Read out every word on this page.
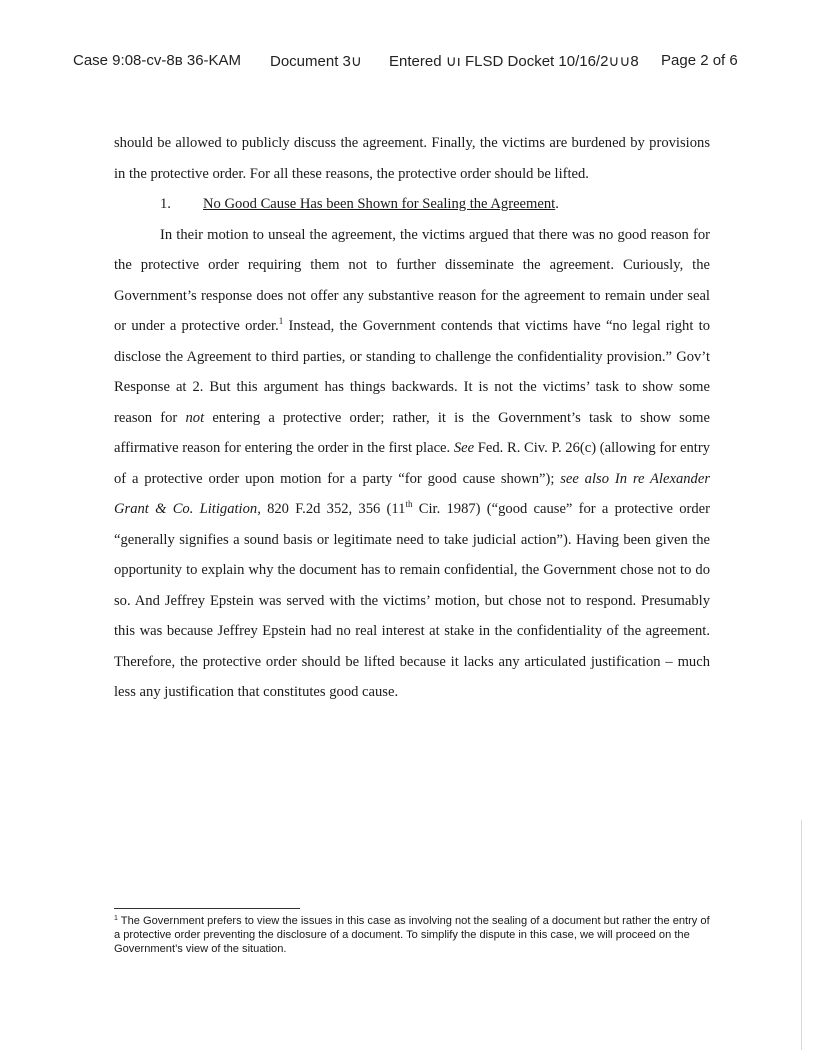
Case 9:08-cv-8ʙ 36-KAM Document 3∪ Entered ∪ı FLSD Docket 10/16/2∪∪8 Page 2 of 6

should be allowed to publicly discuss the agreement. Finally, the victims are burdened by provisions in the protective order. For all these reasons, the protective order should be lifted.

1. No Good Cause Has been Shown for Sealing the Agreement.

In their motion to unseal the agreement, the victims argued that there was no good reason for the protective order requiring them not to further disseminate the agreement. Curiously, the Government’s response does not offer any substantive reason for the agreement to remain under seal or under a protective order.$^1$ Instead, the Government contends that victims have “no legal right to disclose the Agreement to third parties, or standing to challenge the confidentiality provision.” Gov’t Response at 2. But this argument has things backwards. It is not the victims’ task to show some reason for not entering a protective order; rather, it is the Government’s task to show some affirmative reason for entering the order in the first place. See Fed. R. Civ. P. 26(c) (allowing for entry of a protective order upon motion for a party “for good cause shown”); see also In re Alexander Grant & Co. Litigation, 820 F.2d 352, 356 (11th Cir. 1987) (“good cause” for a protective order “generally signifies a sound basis or legitimate need to take judicial action”). Having been given the opportunity to explain why the document has to remain confidential, the Government chose not to do so. And Jeffrey Epstein was served with the victims’ motion, but chose not to respond. Presumably this was because Jeffrey Epstein had no real interest at stake in the confidentiality of the agreement. Therefore, the protective order should be lifted because it lacks any articulated justification – much less any justification that constitutes good cause.

$^1$ The Government prefers to view the issues in this case as involving not the sealing of a document but rather the entry of a protective order preventing the disclosure of a document. To simplify the dispute in this case, we will proceed on the Government’s view of the situation.
